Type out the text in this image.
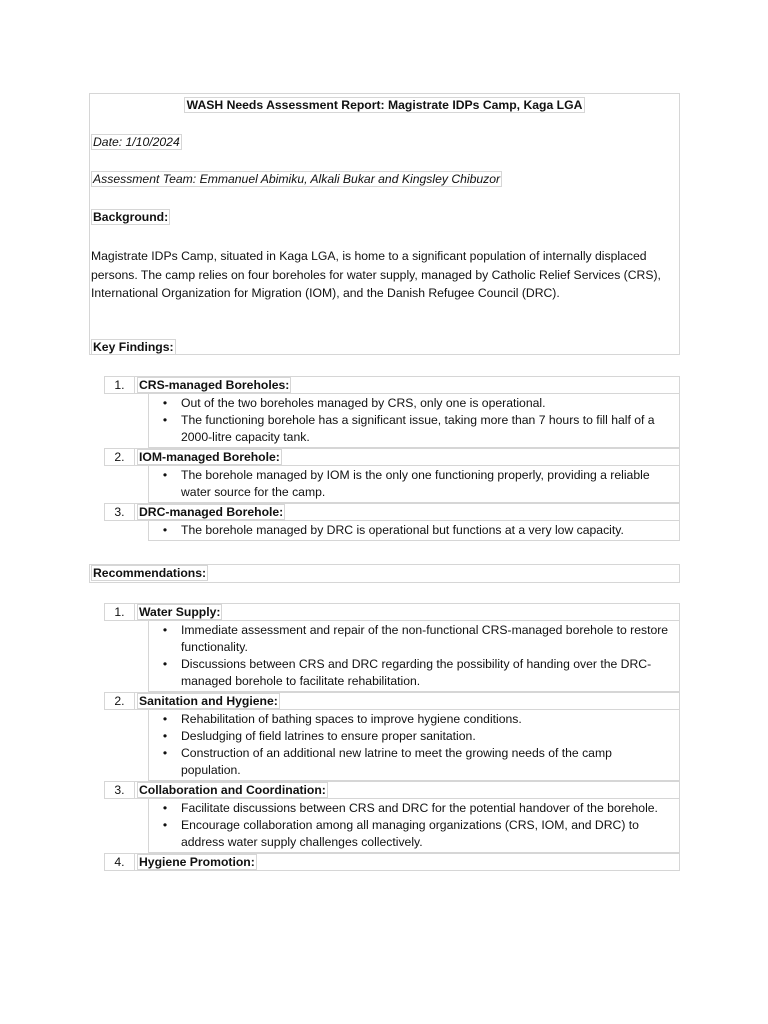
WASH Needs Assessment Report: Magistrate IDPs Camp, Kaga LGA
Date: 1/10/2024
Assessment Team: Emmanuel Abimiku, Alkali Bukar and Kingsley Chibuzor
Background:
Magistrate IDPs Camp, situated in Kaga LGA, is home to a significant population of internally displaced persons. The camp relies on four boreholes for water supply, managed by Catholic Relief Services (CRS), International Organization for Migration (IOM), and the Danish Refugee Council (DRC).
Key Findings:
1.	CRS-managed Boreholes:
•	Out of the two boreholes managed by CRS, only one is operational.
•	The functioning borehole has a significant issue, taking more than 7 hours to fill half of a 2000-litre capacity tank.
2.	IOM-managed Borehole:
•	The borehole managed by IOM is the only one functioning properly, providing a reliable water source for the camp.
3.	DRC-managed Borehole:
•	The borehole managed by DRC is operational but functions at a very low capacity.
Recommendations:
1.	Water Supply:
•	Immediate assessment and repair of the non-functional CRS-managed borehole to restore functionality.
•	Discussions between CRS and DRC regarding the possibility of handing over the DRC-managed borehole to facilitate rehabilitation.
2.	Sanitation and Hygiene:
•	Rehabilitation of bathing spaces to improve hygiene conditions.
•	Desludging of field latrines to ensure proper sanitation.
•	Construction of an additional new latrine to meet the growing needs of the camp population.
3.	Collaboration and Coordination:
•	Facilitate discussions between CRS and DRC for the potential handover of the borehole.
•	Encourage collaboration among all managing organizations (CRS, IOM, and DRC) to address water supply challenges collectively.
4.	Hygiene Promotion:
